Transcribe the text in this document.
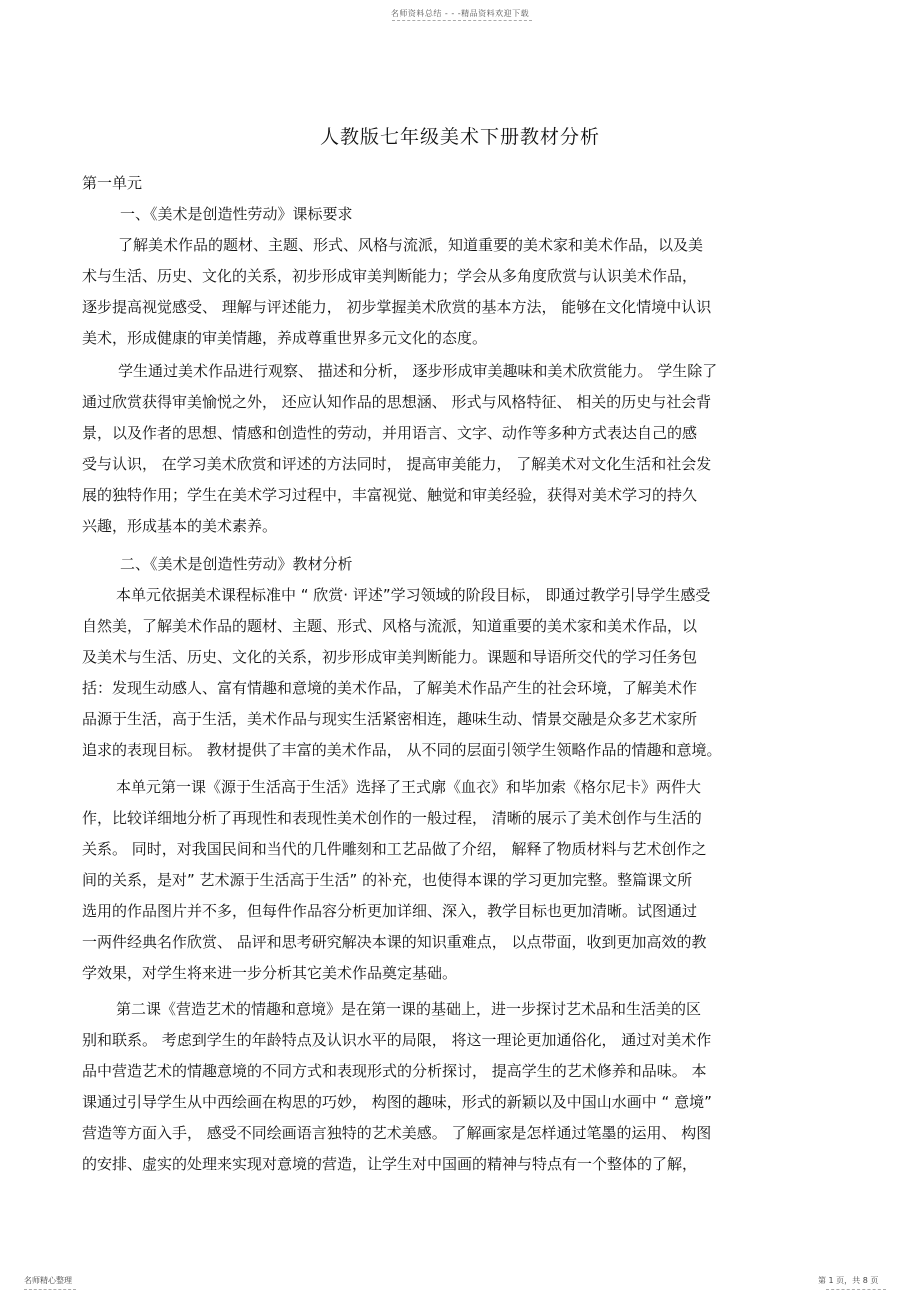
名师资料总结 - - -精品资料欢迎下载
人教版七年级美术下册教材分析
第一单元
一、《美术是创造性劳动》课标要求
了解美术作品的题材、主题、形式、风格与流派，知道重要的美术家和美术作品，以及美
术与生活、历史、文化的关系，初步形成审美判断能力；学会从多角度欣赏与认识美术作品，
逐步提高视觉感受、 理解与评述能力， 初步掌握美术欣赏的基本方法， 能够在文化情境中认识
美术，形成健康的审美情趣，养成尊重世界多元文化的态度。
学生通过美术作品进行观察、 描述和分析， 逐步形成审美趣味和美术欣赏能力。 学生除了
通过欣赏获得审美愉悦之外， 还应认知作品的思想涵、 形式与风格特征、 相关的历史与社会背
景，以及作者的思想、情感和创造性的劳动，并用语言、文字、动作等多种方式表达自己的感
受与认识， 在学习美术欣赏和评述的方法同时， 提高审美能力， 了解美术对文化生活和社会发
展的独特作用；学生在美术学习过程中，丰富视觉、触觉和审美经验，获得对美术学习的持久
兴趣，形成基本的美术素养。
二、《美术是创造性劳动》教材分析
本单元依据美术课程标准中 “ 欣赏· 评述”学习领域的阶段目标， 即通过教学引导学生感受
自然美，了解美术作品的题材、主题、形式、风格与流派，知道重要的美术家和美术作品，以
及美术与生活、历史、文化的关系，初步形成审美判断能力。课题和导语所交代的学习任务包
括：发现生动感人、富有情趣和意境的美术作品，了解美术作品产生的社会环境，了解美术作
品源于生活，高于生活，美术作品与现实生活紧密相连，趣味生动、情景交融是众多艺术家所
追求的表现目标。 教材提供了丰富的美术作品， 从不同的层面引领学生领略作品的情趣和意境。
本单元第一课《源于生活高于生活》选择了王式廓《血衣》和毕加索《格尔尼卡》两件大
作，比较详细地分析了再现性和表现性美术创作的一般过程， 清晰的展示了美术创作与生活的
关系。 同时，对我国民间和当代的几件雕刻和工艺品做了介绍， 解释了物质材料与艺术创作之
间的关系，是对” 艺术源于生活高于生活” 的补充，也使得本课的学习更加完整。整篇课文所
选用的作品图片并不多，但每件作品容分析更加详细、深入，教学目标也更加清晰。试图通过
一两件经典名作欣赏、 品评和思考研究解决本课的知识重难点， 以点带面，收到更加高效的教
学效果，对学生将来进一步分析其它美术作品奠定基础。
第二课《营造艺术的情趣和意境》是在第一课的基础上，进一步探讨艺术品和生活美的区
别和联系。 考虑到学生的年龄特点及认识水平的局限， 将这一理论更加通俗化， 通过对美术作
品中营造艺术的情趣意境的不同方式和表现形式的分析探讨， 提高学生的艺术修养和品味。 本
课通过引导学生从中西绘画在构思的巧妙， 构图的趣味，形式的新颖以及中国山水画中 “ 意境”
营造等方面入手， 感受不同绘画语言独特的艺术美感。 了解画家是怎样通过笔墨的运用、 构图
的安排、虚实的处理来实现对意境的营造，让学生对中国画的精神与特点有一个整体的了解，
名师精心整理	第 1 页，共 8 页
